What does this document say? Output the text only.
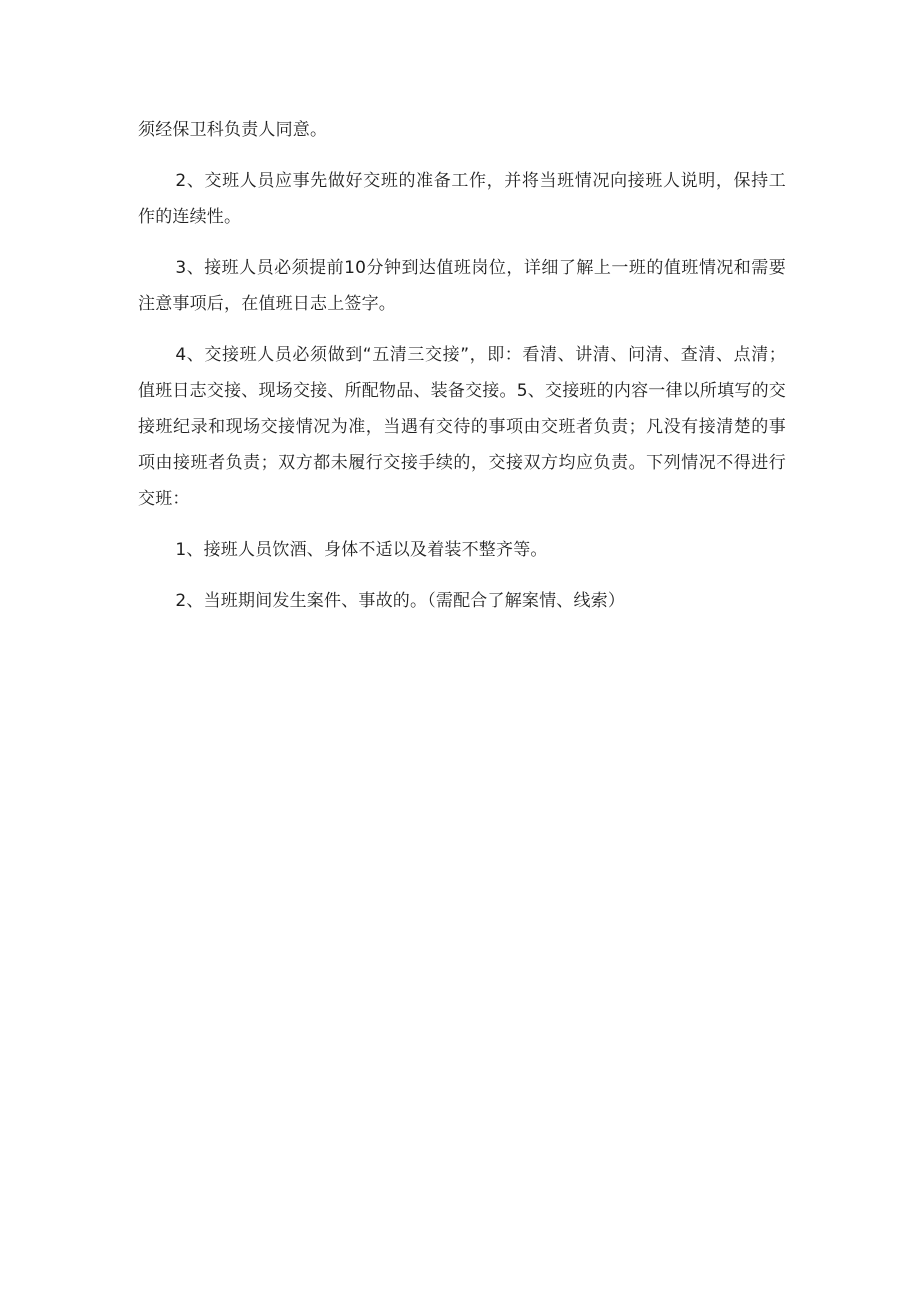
须经保卫科负责人同意。

2、交班人员应事先做好交班的准备工作，并将当班情况向接班人说明，保持工作的连续性。

3、接班人员必须提前10分钟到达值班岗位，详细了解上一班的值班情况和需要注意事项后，在值班日志上签字。

4、交接班人员必须做到“五清三交接”，即：看清、讲清、问清、查清、点清；值班日志交接、现场交接、所配物品、装备交接。5、交接班的内容一律以所填写的交接班纪录和现场交接情况为准，当遇有交待的事项由交班者负责；凡没有接清楚的事项由接班者负责；双方都未履行交接手续的，交接双方均应负责。下列情况不得进行交班：

1、接班人员饮酒、身体不适以及着装不整齐等。

2、当班期间发生案件、事故的。（需配合了解案情、线索）
